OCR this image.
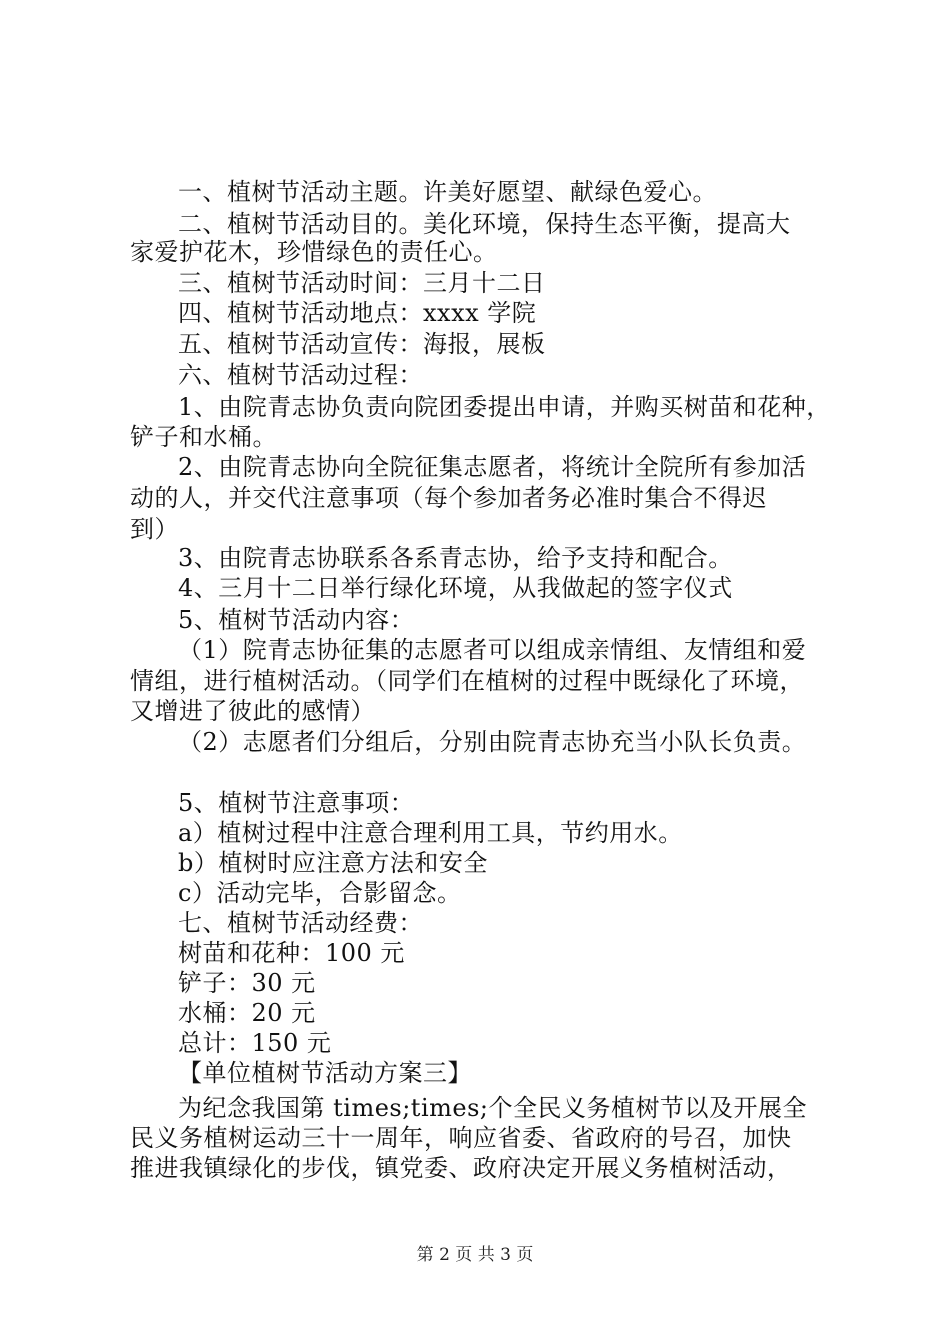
一、植树节活动主题。许美好愿望、献绿色爱心。
二、植树节活动目的。美化环境，保持生态平衡，提高大
家爱护花木，珍惜绿色的责任心。
三、植树节活动时间：三月十二日
四、植树节活动地点：xxxx 学院
五、植树节活动宣传：海报，展板
六、植树节活动过程：
1、由院青志协负责向院团委提出申请，并购买树苗和花种，
铲子和水桶。
2、由院青志协向全院征集志愿者，将统计全院所有参加活
动的人，并交代注意事项（每个参加者务必准时集合不得迟
到）
3、由院青志协联系各系青志协，给予支持和配合。
4、三月十二日举行绿化环境，从我做起的签字仪式
5、植树节活动内容：
（1）院青志协征集的志愿者可以组成亲情组、友情组和爱
情组，进行植树活动。（同学们在植树的过程中既绿化了环境，
又增进了彼此的感情）
（2）志愿者们分组后，分别由院青志协充当小队长负责。
5、植树节注意事项：
a）植树过程中注意合理利用工具，节约用水。
b）植树时应注意方法和安全
c）活动完毕，合影留念。
七、植树节活动经费：
树苗和花种：100 元
铲子：30 元
水桶：20 元
总计：150 元
【单位植树节活动方案三】
为纪念我国第 times;times;个全民义务植树节以及开展全
民义务植树运动三十一周年，响应省委、省政府的号召，加快
推进我镇绿化的步伐，镇党委、政府决定开展义务植树活动，
第 2 页 共 3 页
